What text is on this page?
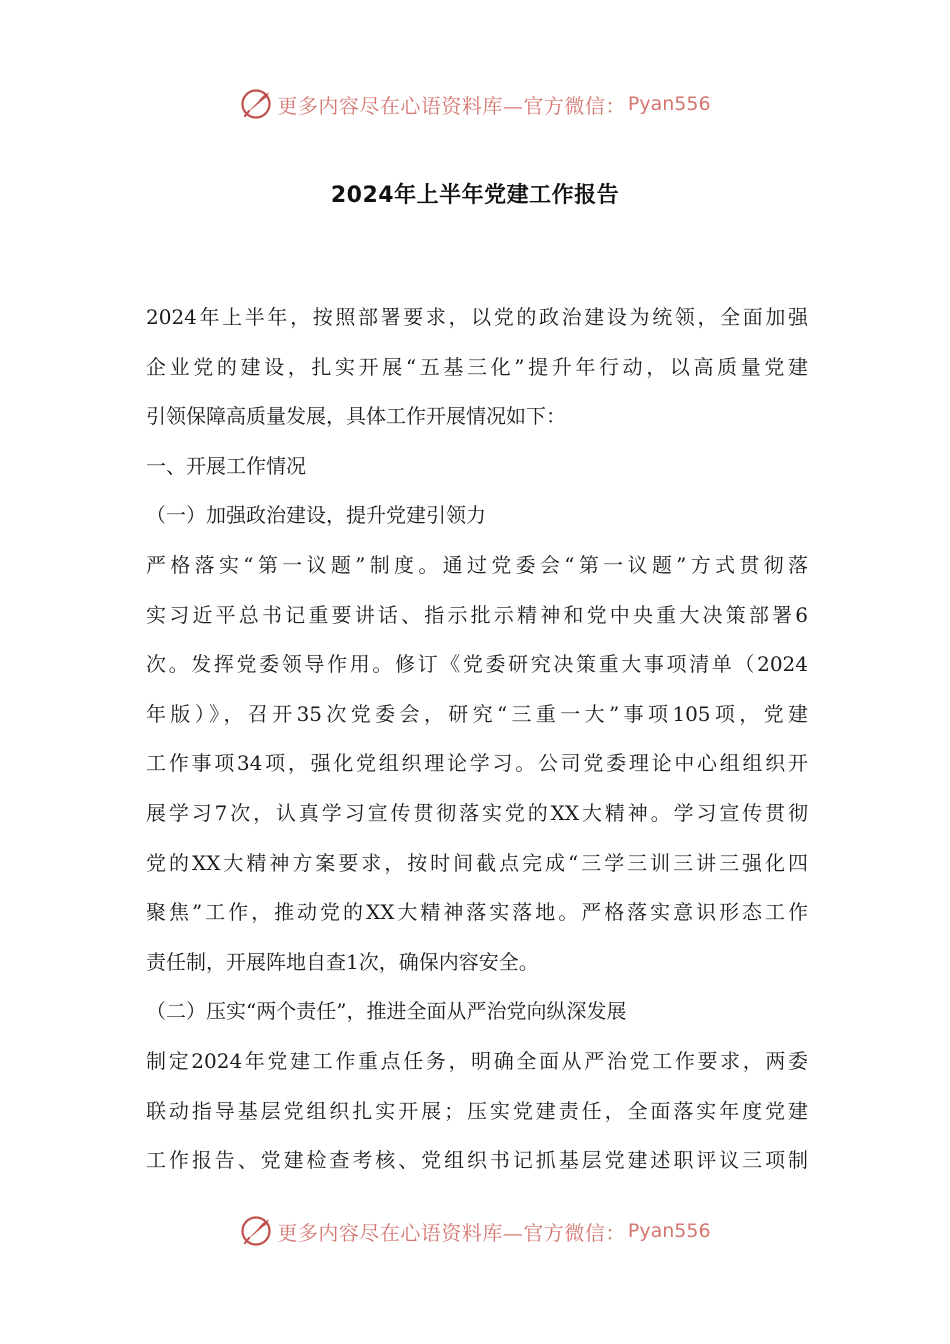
更多内容尽在心语资料库—官方微信： Pyan556
2024年上半年党建工作报告
2024年上半年，按照部署要求，以党的政治建设为统领，全面加强
企业党的建设，扎实开展“五基三化”提升年行动，以高质量党建
引领保障高质量发展，具体工作开展情况如下：
一、开展工作情况
（一）加强政治建设，提升党建引领力
严格落实“第一议题”制度。通过党委会“第一议题”方式贯彻落
实习近平总书记重要讲话、指示批示精神和党中央重大决策部署6
次。发挥党委领导作用。修订《党委研究决策重大事项清单（2024
年版）》，召开35次党委会，研究“三重一大”事项105项，党建
工作事项34项，强化党组织理论学习。公司党委理论中心组组织开
展学习7次，认真学习宣传贯彻落实党的XX大精神。学习宣传贯彻
党的XX大精神方案要求，按时间截点完成“三学三训三讲三强化四
聚焦”工作，推动党的XX大精神落实落地。严格落实意识形态工作
责任制，开展阵地自查1次，确保内容安全。
（二）压实“两个责任”，推进全面从严治党向纵深发展
制定2024年党建工作重点任务，明确全面从严治党工作要求，两委
联动指导基层党组织扎实开展；压实党建责任，全面落实年度党建
工作报告、党建检查考核、党组织书记抓基层党建述职评议三项制
更多内容尽在心语资料库—官方微信： Pyan556
